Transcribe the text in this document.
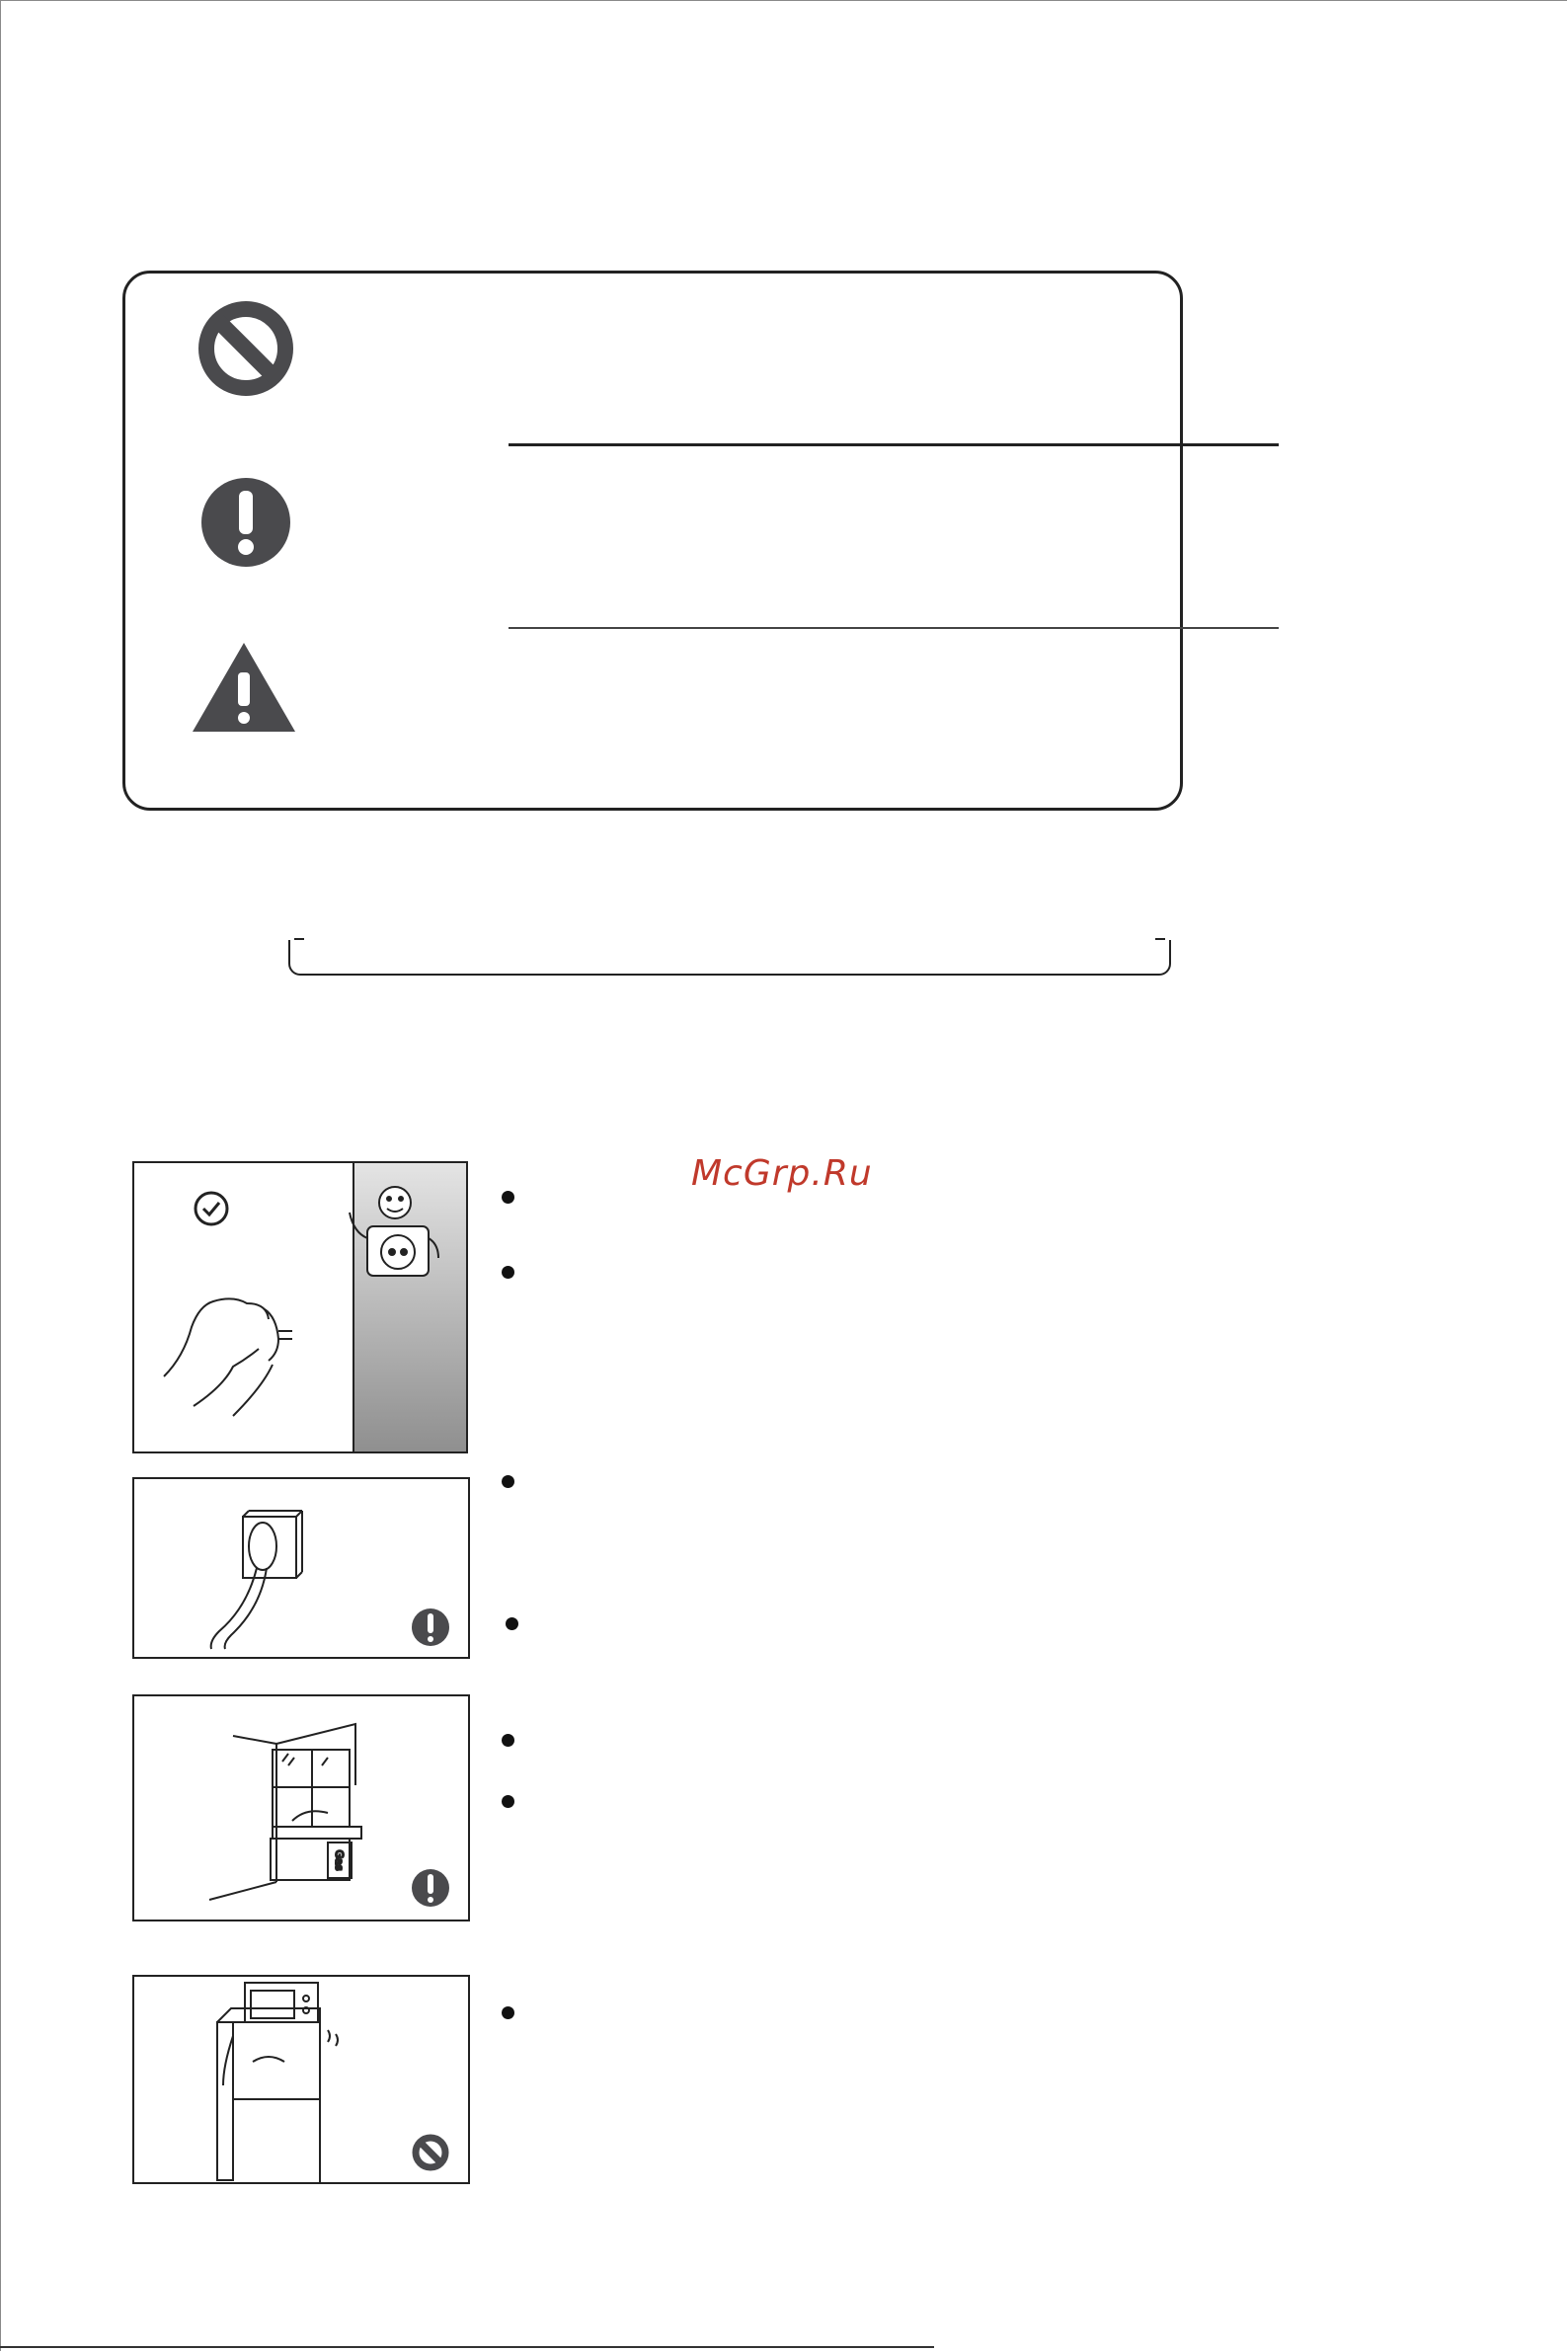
McGrp.Ru
Gas
